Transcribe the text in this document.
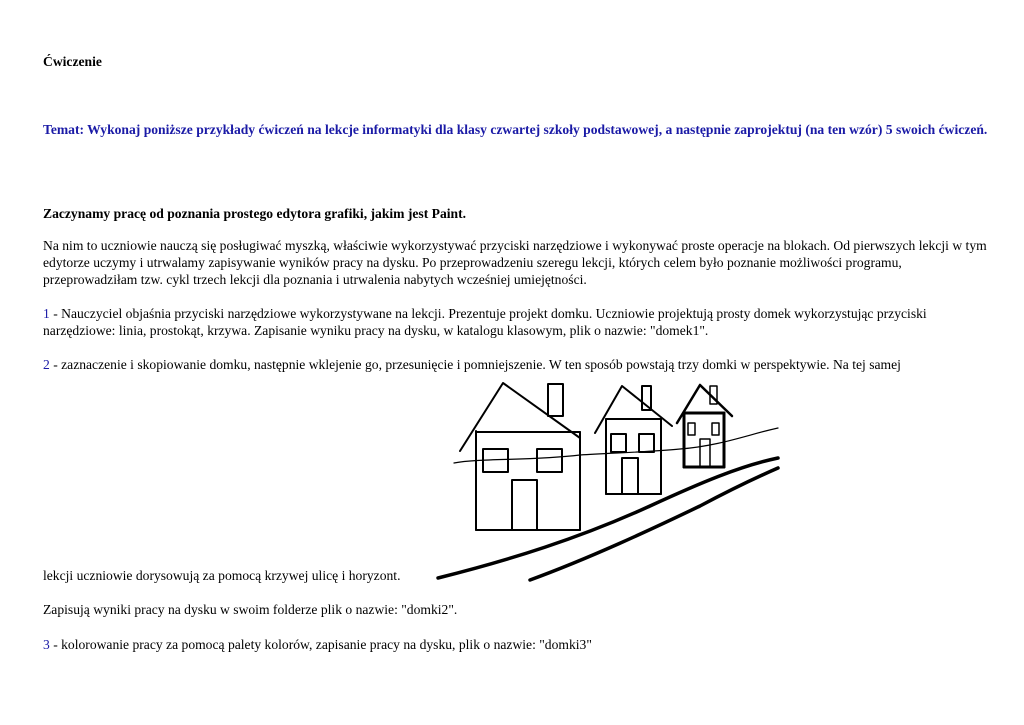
Ćwiczenie

Temat: Wykonaj poniższe przykłady ćwiczeń na lekcje informatyki dla klasy czwartej szkoły podstawowej, a następnie zaprojektuj (na ten wzór) 5 swoich ćwiczeń.

Zaczynamy pracę od poznania prostego edytora grafiki, jakim jest Paint.

Na nim to uczniowie nauczą się posługiwać myszką, właściwie wykorzystywać przyciski narzędziowe i wykonywać proste operacje na blokach. Od pierwszych lekcji w tym edytorze uczymy i utrwalamy zapisywanie wyników pracy na dysku. Po przeprowadzeniu szeregu lekcji, których celem było poznanie możliwości programu, przeprowadziłam tzw. cykl trzech lekcji dla poznania i utrwalenia nabytych wcześniej umiejętności.

1 - Nauczyciel objaśnia przyciski narzędziowe wykorzystywane na lekcji. Prezentuje projekt domku. Uczniowie projektują prosty domek wykorzystując przyciski narzędziowe: linia, prostokąt, krzywa. Zapisanie wyniku pracy na dysku, w katalogu klasowym, plik o nazwie: "domek1".

2 - zaznaczenie i skopiowanie domku, następnie wklejenie go, przesunięcie i pomniejszenie. W ten sposób powstają trzy domki w perspektywie. Na tej samej

lekcji uczniowie dorysowują za pomocą krzywej ulicę i horyzont.

Zapisują wyniki pracy na dysku w swoim folderze plik o nazwie: "domki2".

3 - kolorowanie pracy za pomocą palety kolorów, zapisanie pracy na dysku, plik o nazwie: "domki3"
